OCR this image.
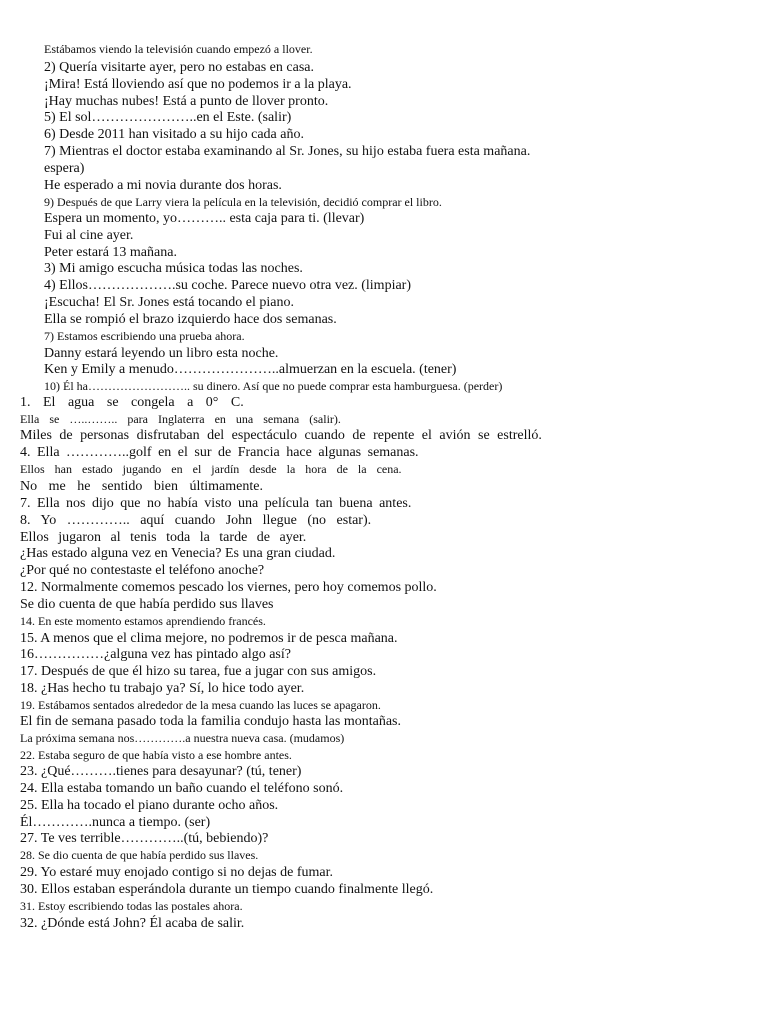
Estábamos viendo la televisión cuando empezó a llover.
2) Quería visitarte ayer, pero no estabas en casa.
¡Mira! Está lloviendo así que no podemos ir a la playa.
¡Hay muchas nubes! Está a punto de llover pronto.
5) El sol…………………..en el Este. (salir)
6) Desde 2011 han visitado a su hijo cada año.
7) Mientras el doctor estaba examinando al Sr. Jones, su hijo estaba fuera esta mañana.
espera)
He esperado a mi novia durante dos horas.
9) Después de que Larry viera la película en la televisión, decidió comprar el libro.
Espera un momento, yo……….. esta caja para ti. (llevar)
Fui al cine ayer.
Peter estará 13 mañana.
3) Mi amigo escucha música todas las noches.
4) Ellos……………….su coche. Parece nuevo otra vez. (limpiar)
¡Escucha! El Sr. Jones está tocando el piano.
Ella se rompió el brazo izquierdo hace dos semanas.
7) Estamos escribiendo una prueba ahora.
Danny estará leyendo un libro esta noche.
Ken y Emily a menudo…………………..almuerzan en la escuela. (tener)
10) Él ha…………………….. su dinero. Así que no puede comprar esta hamburguesa. (perder)
1. El agua se congela a 0° C.
Ella se …..…….. para Inglaterra en una semana (salir).
Miles de personas disfrutaban del espectáculo cuando de repente el avión se estrelló.
4. Ella …………..golf en el sur de Francia hace algunas semanas.
Ellos han estado jugando en el jardín desde la hora de la cena.
No me he sentido bien últimamente.
7. Ella nos dijo que no había visto una película tan buena antes.
8. Yo ………….. aquí cuando John llegue (no estar).
Ellos jugaron al tenis toda la tarde de ayer.
¿Has estado alguna vez en Venecia? Es una gran ciudad.
¿Por qué no contestaste el teléfono anoche?
12. Normalmente comemos pescado los viernes, pero hoy comemos pollo.
Se dio cuenta de que había perdido sus llaves
14. En este momento estamos aprendiendo francés.
15. A menos que el clima mejore, no podremos ir de pesca mañana.
16……………¿alguna vez has pintado algo así?
17. Después de que él hizo su tarea, fue a jugar con sus amigos.
18. ¿Has hecho tu trabajo ya? Sí, lo hice todo ayer.
19. Estábamos sentados alrededor de la mesa cuando las luces se apagaron.
El fin de semana pasado toda la familia condujo hasta las montañas.
La próxima semana nos………….a nuestra nueva casa. (mudamos)
22. Estaba seguro de que había visto a ese hombre antes.
23. ¿Qué……….tienes para desayunar? (tú, tener)
24. Ella estaba tomando un baño cuando el teléfono sonó.
25. Ella ha tocado el piano durante ocho años.
Él………….nunca a tiempo. (ser)
27. Te ves terrible…………..(tú, bebiendo)?
28. Se dio cuenta de que había perdido sus llaves.
29. Yo estaré muy enojado contigo si no dejas de fumar.
30. Ellos estaban esperándola durante un tiempo cuando finalmente llegó.
31. Estoy escribiendo todas las postales ahora.
32. ¿Dónde está John? Él acaba de salir.
